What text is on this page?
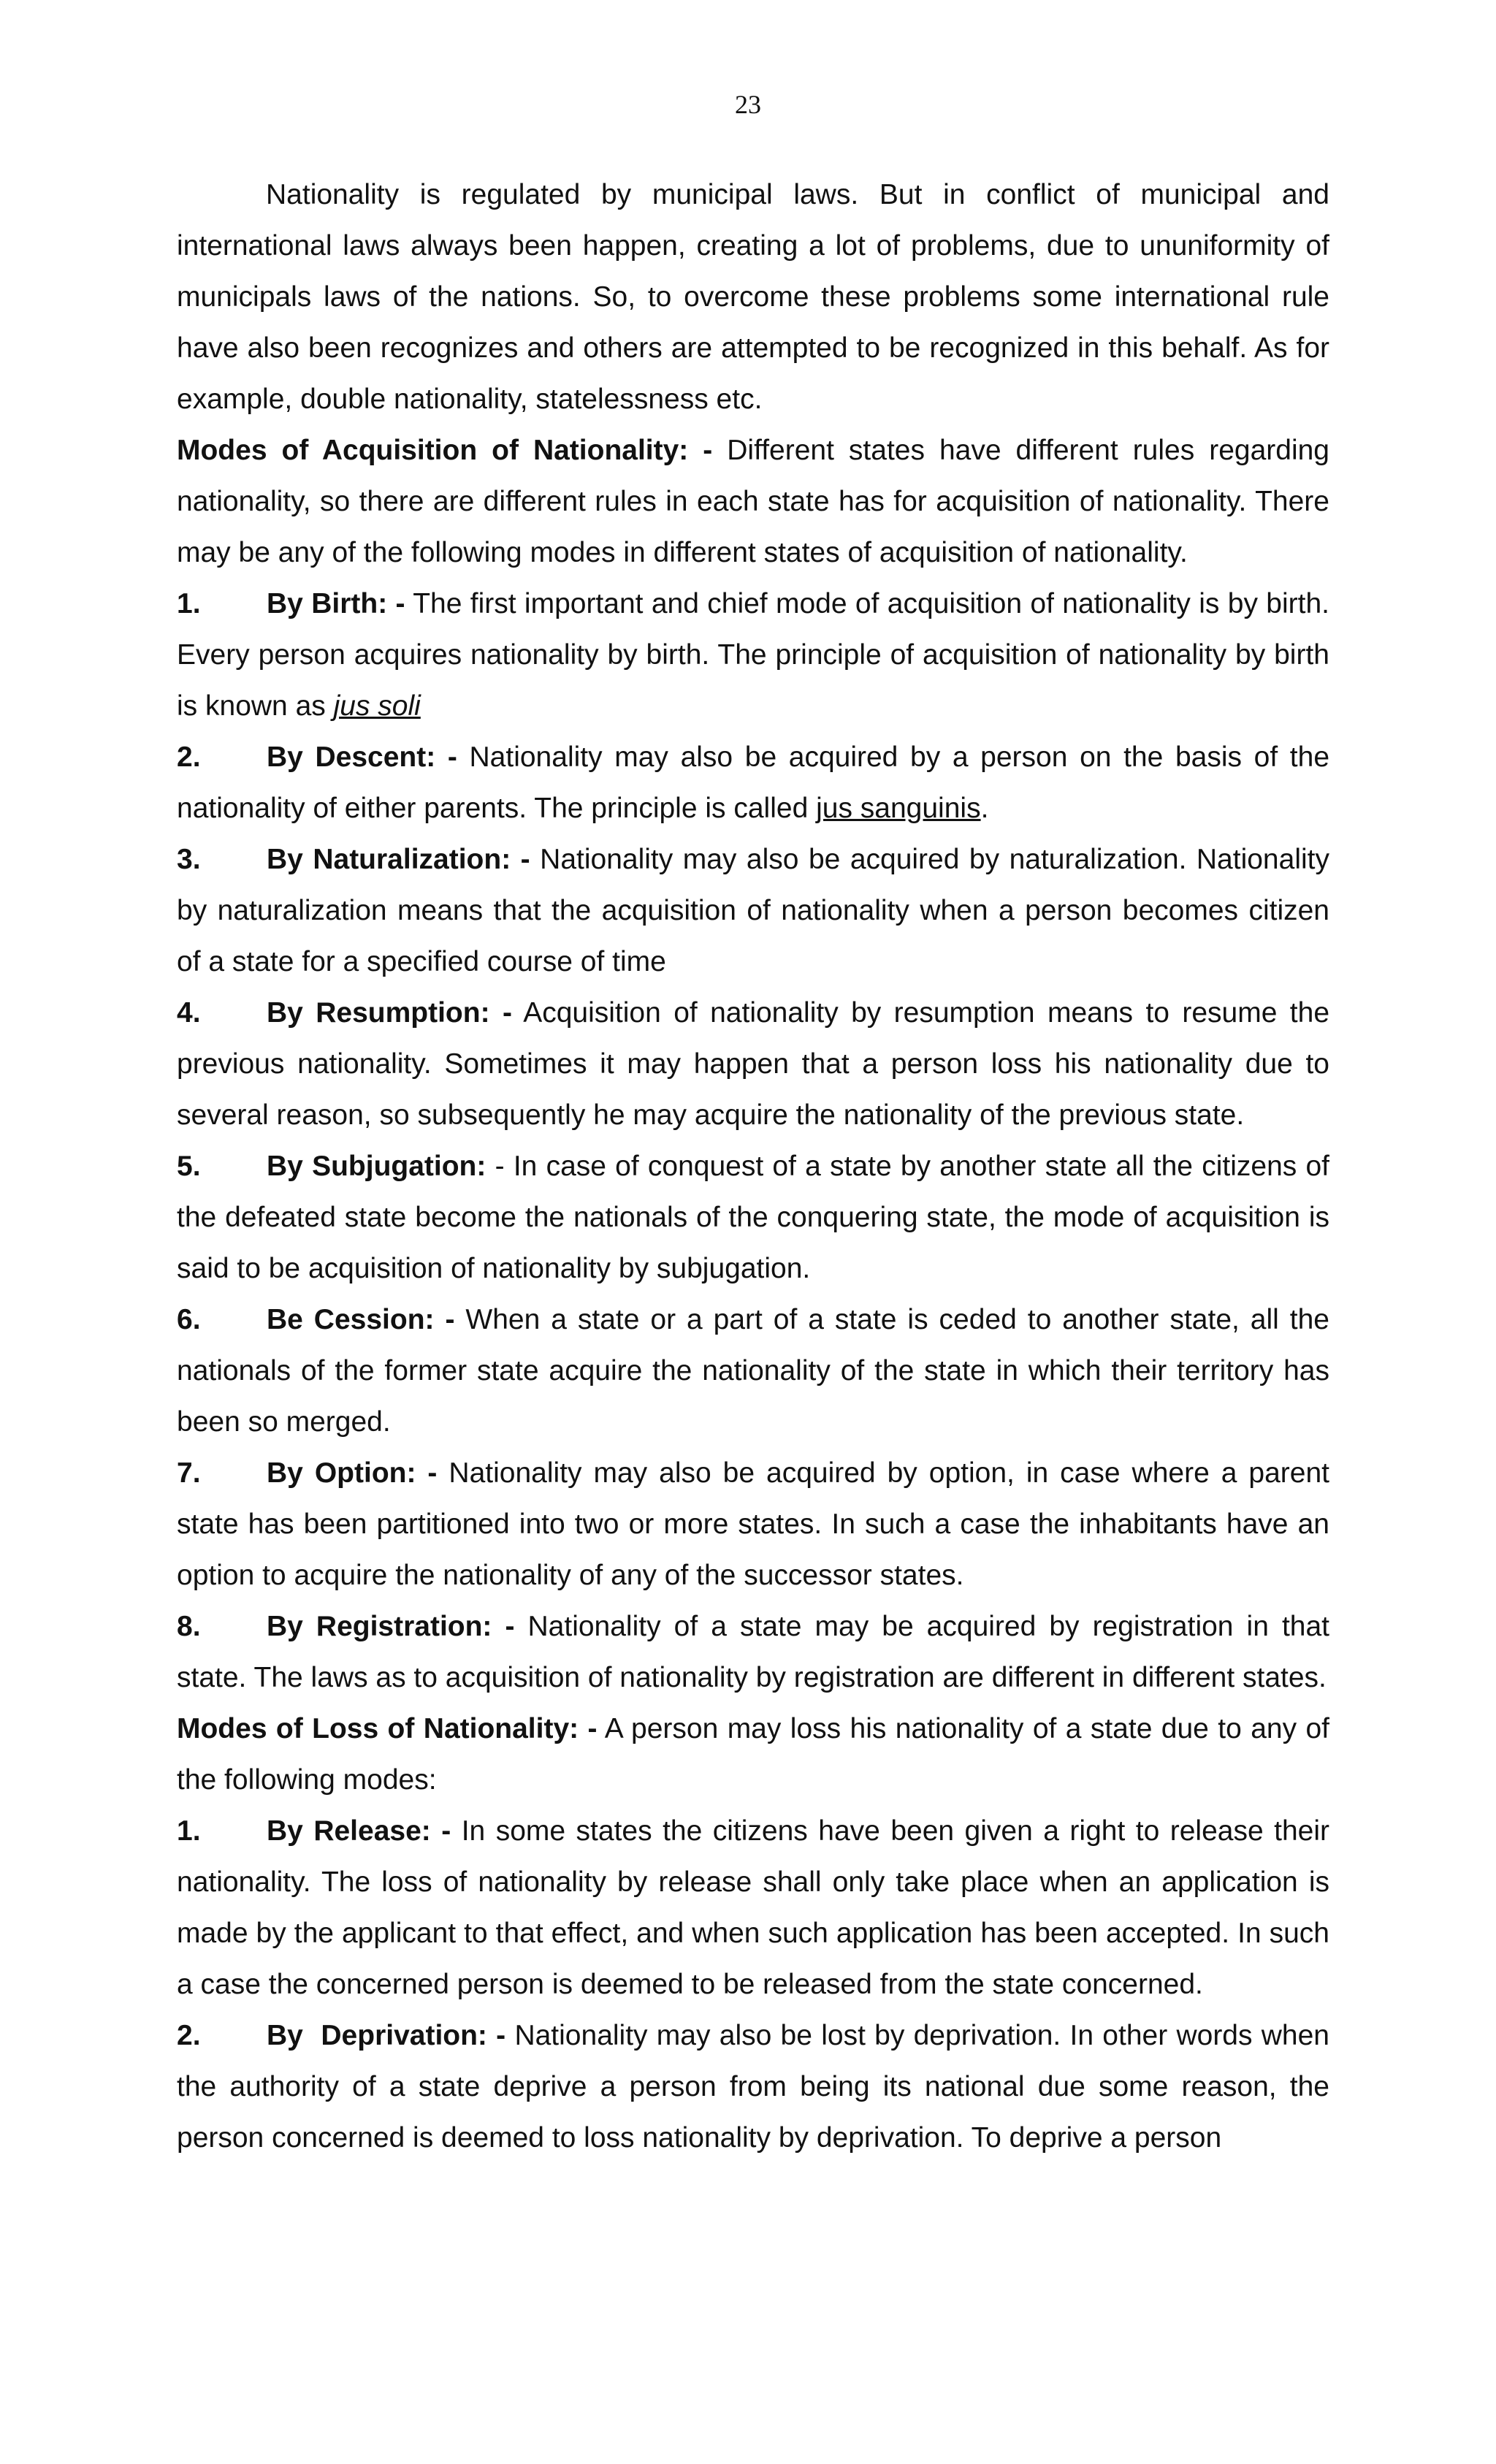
23

Nationality is regulated by municipal laws. But in conflict of municipal and international laws always been happen, creating a lot of problems, due to ununiformity of municipals laws of the nations. So, to overcome these problems some international rule have also been recognizes and others are attempted to be recognized in this behalf. As for example, double nationality, statelessness etc.

Modes of Acquisition of Nationality: - Different states have different rules regarding nationality, so there are different rules in each state has for acquisition of nationality. There may be any of the following modes in different states of acquisition of nationality.

1. By Birth: - The first important and chief mode of acquisition of nationality is by birth. Every person acquires nationality by birth. The principle of acquisition of nationality by birth is known as jus soli

2. By Descent: - Nationality may also be acquired by a person on the basis of the nationality of either parents. The principle is called jus sanguinis.

3. By Naturalization: - Nationality may also be acquired by naturalization. Nationality by naturalization means that the acquisition of nationality when a person becomes citizen of a state for a specified course of time

4. By Resumption: - Acquisition of nationality by resumption means to resume the previous nationality. Sometimes it may happen that a person loss his nationality due to several reason, so subsequently he may acquire the nationality of the previous state.

5. By Subjugation: - In case of conquest of a state by another state all the citizens of the defeated state become the nationals of the conquering state, the mode of acquisition is said to be acquisition of nationality by subjugation.

6. Be Cession: - When a state or a part of a state is ceded to another state, all the nationals of the former state acquire the nationality of the state in which their territory has been so merged.

7. By Option: - Nationality may also be acquired by option, in case where a parent state has been partitioned into two or more states. In such a case the inhabitants have an option to acquire the nationality of any of the successor states.

8. By Registration: - Nationality of a state may be acquired by registration in that state. The laws as to acquisition of nationality by registration are different in different states.

Modes of Loss of Nationality: - A person may loss his nationality of a state due to any of the following modes:

1. By Release: - In some states the citizens have been given a right to release their nationality. The loss of nationality by release shall only take place when an application is made by the applicant to that effect, and when such application has been accepted. In such a case the concerned person is deemed to be released from the state concerned.

2. By  Deprivation: - Nationality may also be lost by deprivation. In other words when the authority of a state deprive a person from being its national due some reason, the person concerned is deemed to loss nationality by deprivation. To deprive a person
